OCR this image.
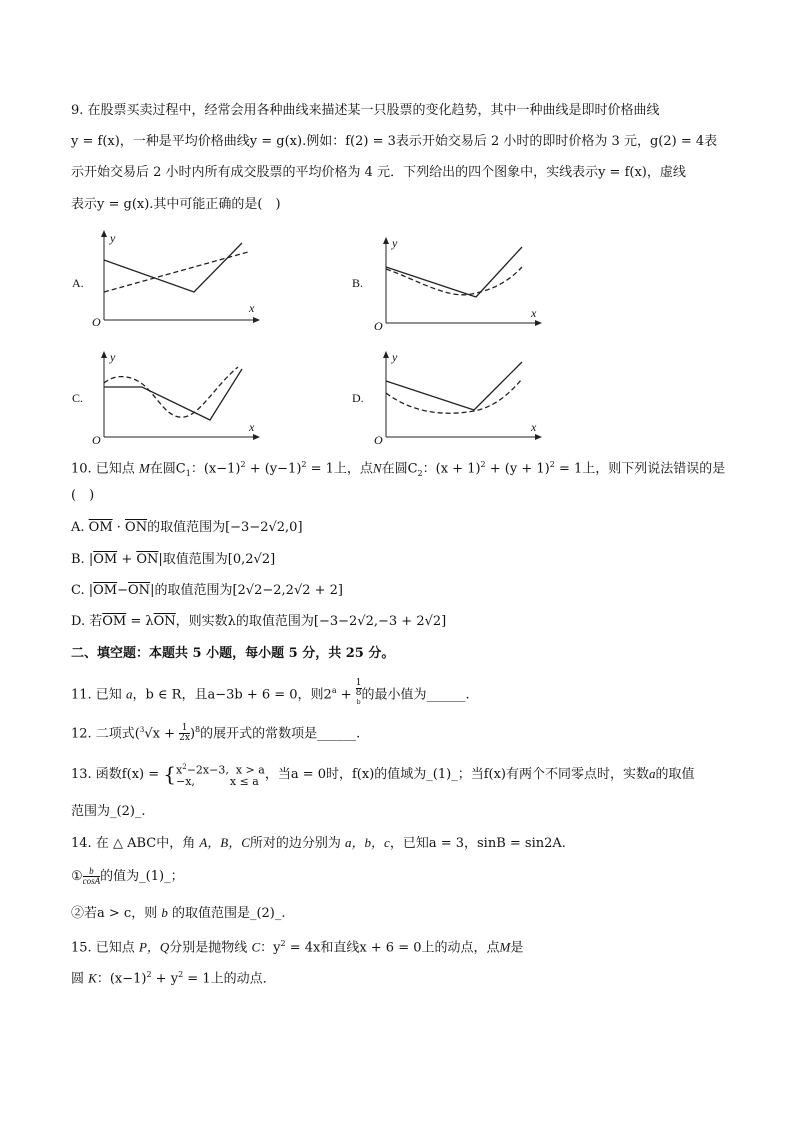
9. 在股票买卖过程中，经常会用各种曲线来描述某一只股票的变化趋势，其中一种曲线是即时价格曲线
y = f(x)，一种是平均价格曲线y = g(x).例如：f(2) = 3表示开始交易后 2 小时的即时价格为 3 元，g(2) = 4表
示开始交易后 2 小时内所有成交股票的平均价格为 4 元．下列给出的四个图象中，实线表示y = f(x)，虚线
表示y = g(x).其中可能正确的是(　)
A.
y
x
O
B.
y
x
O
C.
y
x
O
D.
y
x
O
10. 已知点 M在圆$C_1$：$(x-1)^2 + (y-1)^2 = 1$上，点N在圆$C_2$：$(x + 1)^2 + (y + 1)^2 = 1$上，则下列说法错误的是
(　)
A. $\overline{OM} \cdot \overline{ON}$的取值范围为[−3−2√2,0]
B. $|\overline{OM} + \overline{ON}|$取值范围为[0,2√2]
C. $|\overline{OM}-\overline{ON}|$的取值范围为[2√2−2,2√2 + 2]
D. 若$\overline{OM} = \lambda\overline{ON}$，则实数λ的取值范围为[−3−2√2,−3 + 2√2]
二、填空题：本题共 5 小题，每小题 5 分，共 25 分。
11. 已知 a，b ∈ R，且a−3b + 6 = 0，则$2^a + 1$
8
$^b$ 的最小值为______.
12. 二项式$(^3√x + \frac{1}{2x} )^8$的展开式的常数项是______.
13. 函数f(x) = { $x^2-2x-3$, x > a
−x,	x ≤ a ，当a = 0时，f(x)的值域为_(1)_；当f(x)有两个不同零点时，实数a的取值
范围为_(2)_.
14. 在 △ ABC中，角 A，B，C所对的边分别为 a，b，c，已知a = 3，sinB = sin2A.
① $\frac{b}{\cos A}$ 的值为_(1)_；
②若a > c，则 b 的取值范围是_(2)_.
15. 已知点 P，Q分别是抛物线 C：$y^2 = 4x$和直线x + 6 = 0上的动点，点M是
圆 K：$(x-1)^2 + y^2 = 1$上的动点．
